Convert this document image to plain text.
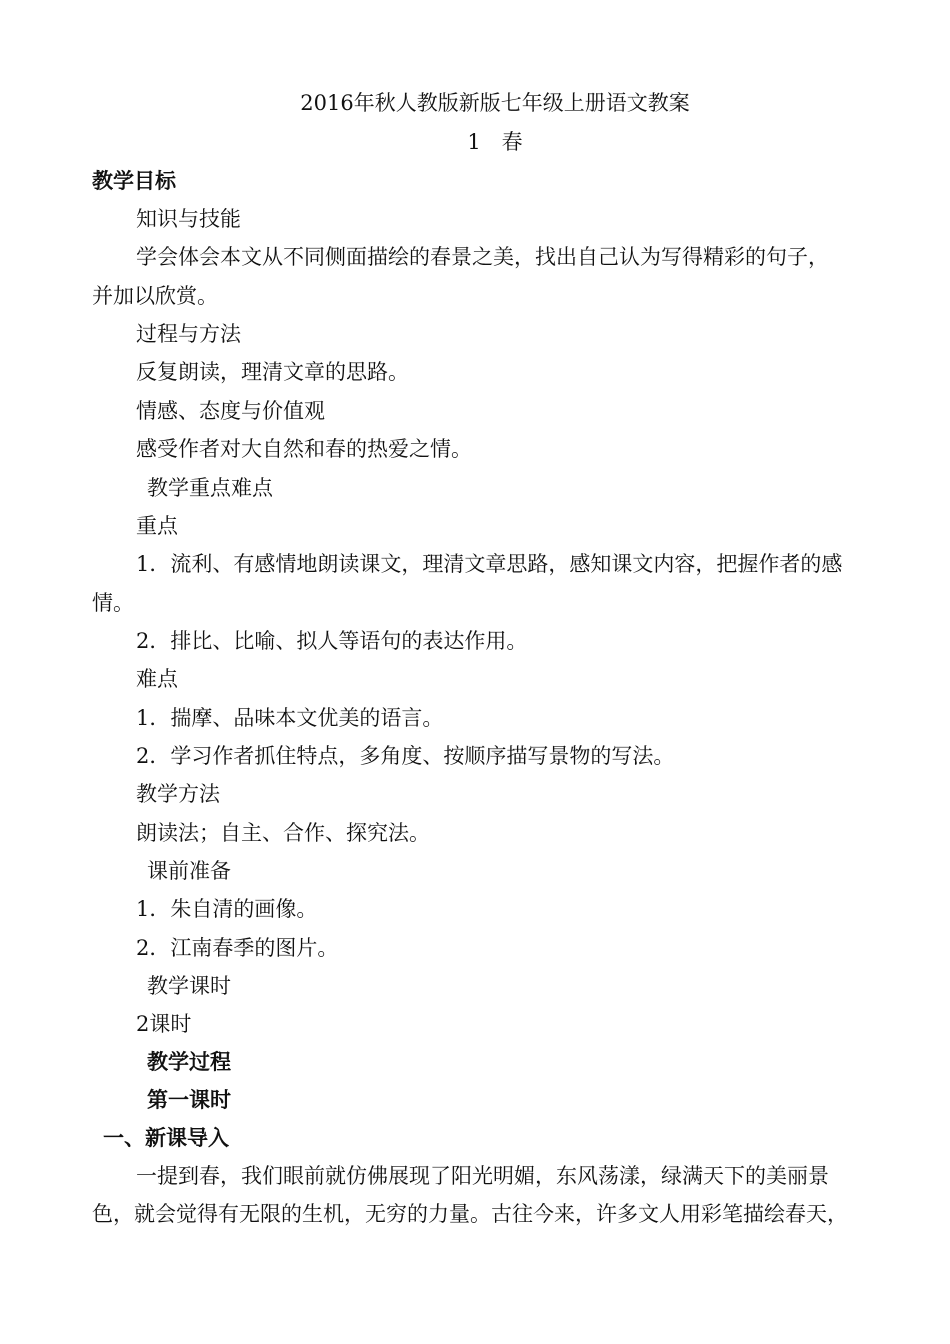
2016年秋人教版新版七年级上册语文教案
1　春
教学目标
知识与技能
学会体会本文从不同侧面描绘的春景之美，找出自己认为写得精彩的句子，
并加以欣赏。
过程与方法
反复朗读，理清文章的思路。
情感、态度与价值观
感受作者对大自然和春的热爱之情。
教学重点难点
重点
1．流利、有感情地朗读课文，理清文章思路，感知课文内容，把握作者的感
情。
2．排比、比喻、拟人等语句的表达作用。
难点
1．揣摩、品味本文优美的语言。
2．学习作者抓住特点，多角度、按顺序描写景物的写法。
教学方法
朗读法；自主、合作、探究法。
课前准备
1．朱自清的画像。
2．江南春季的图片。
教学课时
2课时
教学过程
第一课时
一、新课导入
一提到春，我们眼前就仿佛展现了阳光明媚，东风荡漾，绿满天下的美丽景
色，就会觉得有无限的生机，无穷的力量。古往今来，许多文人用彩笔描绘春天，
